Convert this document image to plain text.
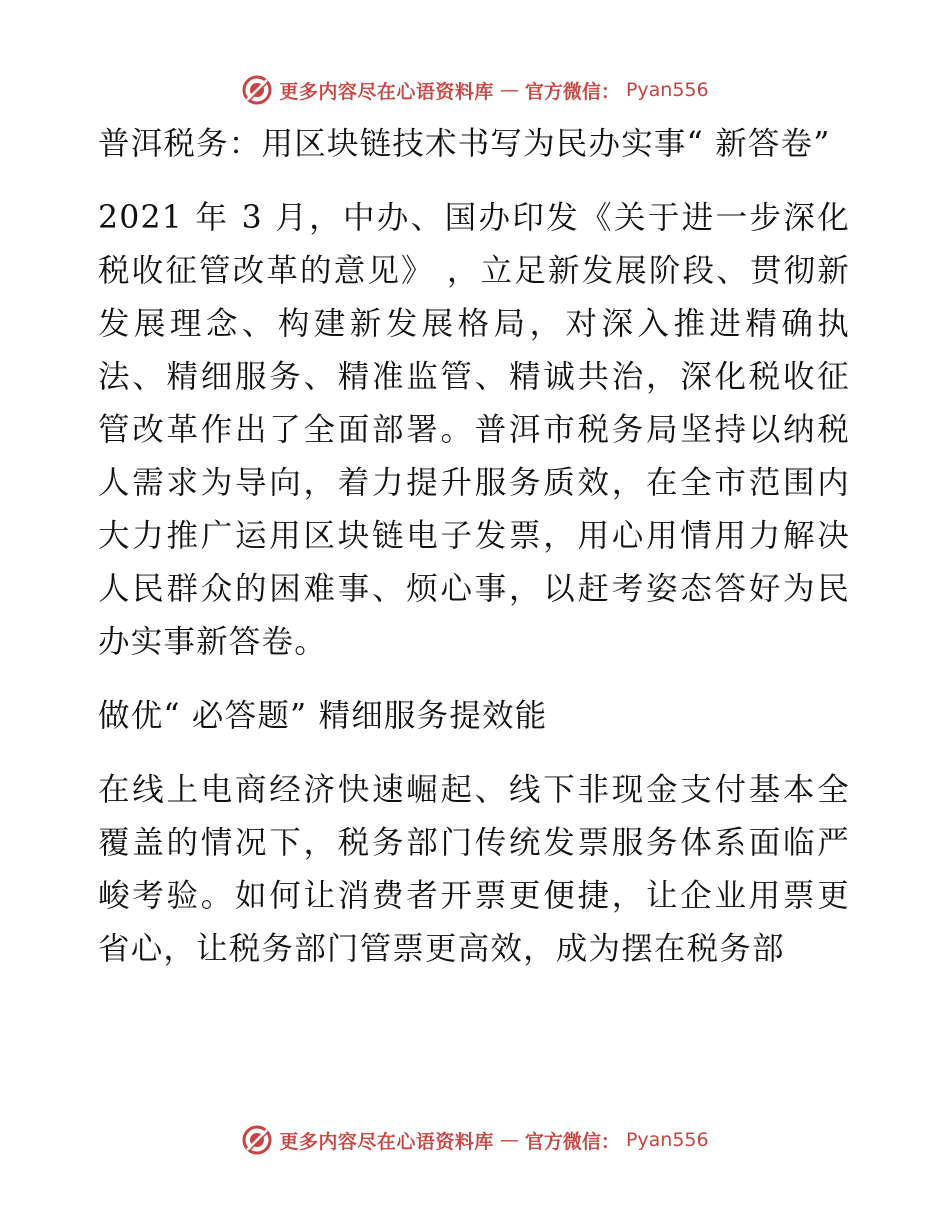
更多内容尽在心语资料库 — 官方微信： Pyan556

普洱税务：用区块链技术书写为民办实事“ 新答卷”

2021 年 3 月，中办、国办印发《关于进一步深化税收征管改革的意见》 ，立足新发展阶段、贯彻新发展理念、构建新发展格局，对深入推进精确执法、精细服务、精准监管、精诚共治，深化税收征管改革作出了全面部署。普洱市税务局坚持以纳税人需求为导向，着力提升服务质效，在全市范围内大力推广运用区块链电子发票，用心用情用力解决人民群众的困难事、烦心事，以赶考姿态答好为民办实事新答卷。

做优“ 必答题” 精细服务提效能

在线上电商经济快速崛起、线下非现金支付基本全覆盖的情况下，税务部门传统发票服务体系面临严峻考验。如何让消费者开票更便捷，让企业用票更省心，让税务部门管票更高效，成为摆在税务部

更多内容尽在心语资料库 — 官方微信： Pyan556
